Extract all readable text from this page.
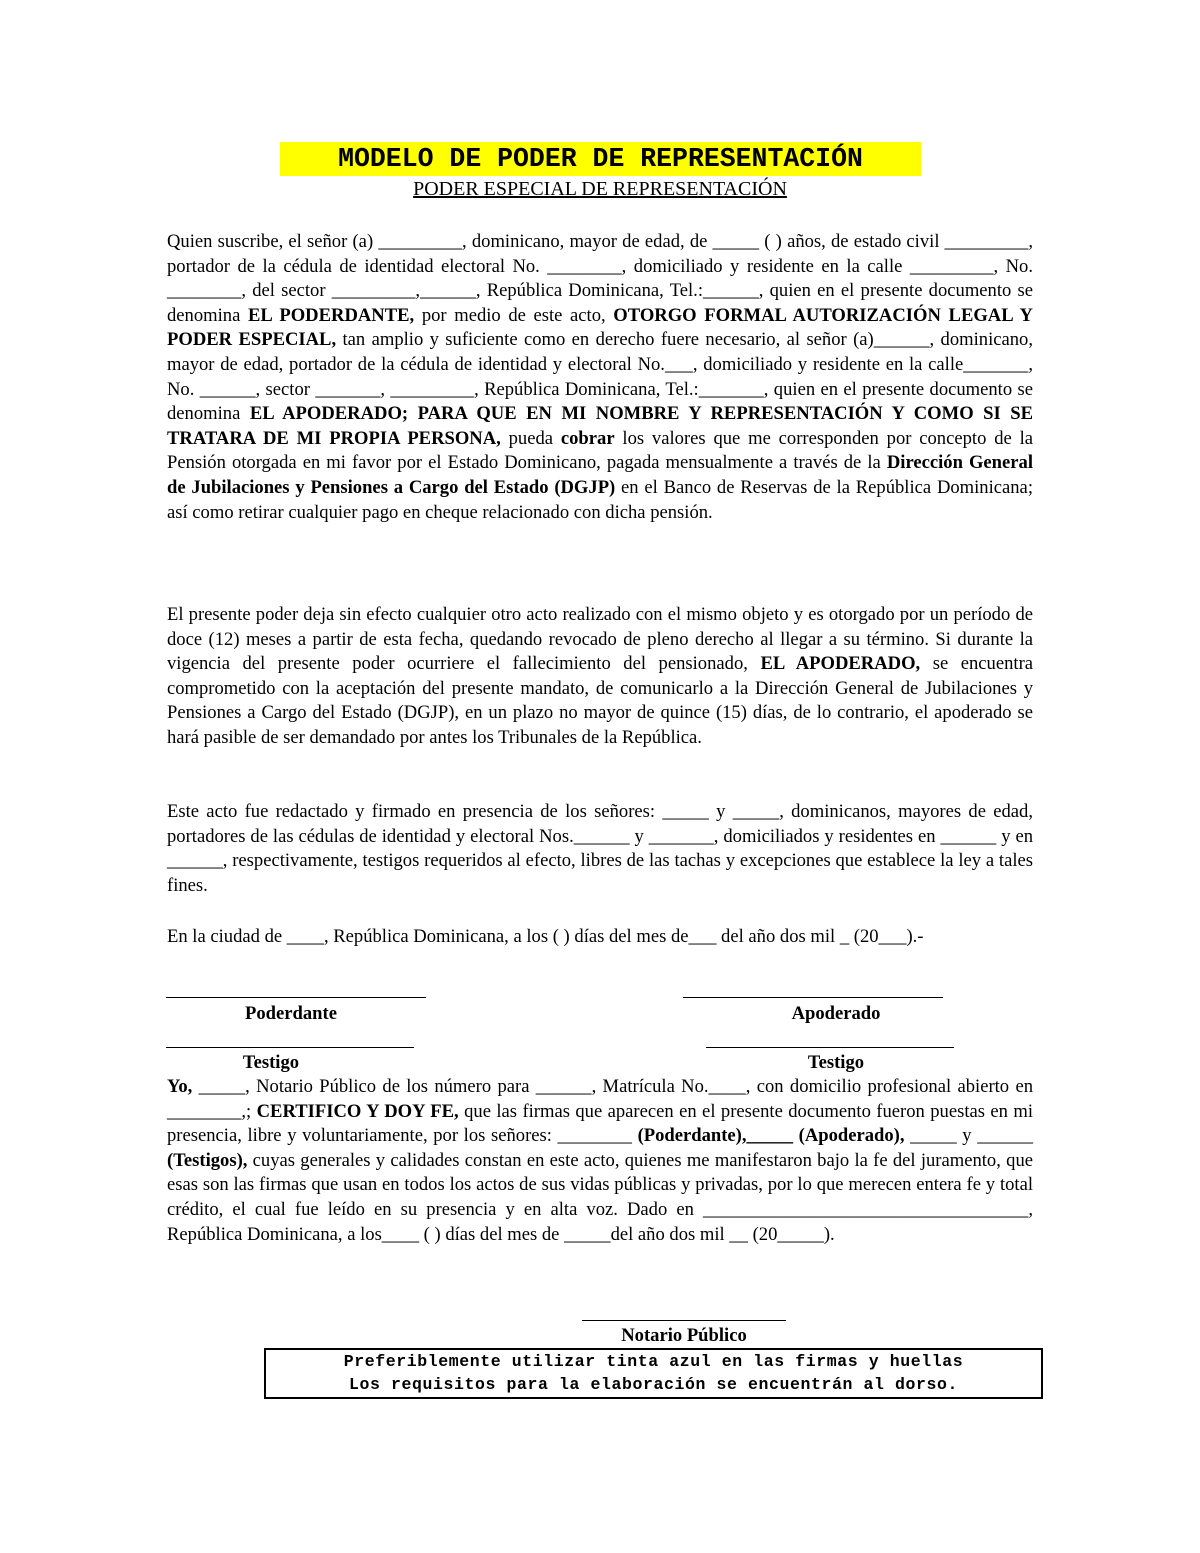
MODELO DE PODER DE REPRESENTACIÓN
PODER ESPECIAL DE REPRESENTACIÓN
Quien suscribe, el señor (a) _________, dominicano, mayor de edad, de _____ ( ) años, de estado civil _________, portador de la cédula de identidad electoral No. ________, domiciliado y residente en la calle _________, No. ________, del sector _________,______, República Dominicana, Tel.:______, quien en el presente documento se denomina EL PODERDANTE, por medio de este acto, OTORGO FORMAL AUTORIZACIÓN LEGAL Y PODER ESPECIAL, tan amplio y suficiente como en derecho fuere necesario, al señor (a)______, dominicano, mayor de edad, portador de la cédula de identidad y electoral No.___, domiciliado y residente en la calle_______, No. ______, sector _______, _________, República Dominicana, Tel.:_______, quien en el presente documento se denomina EL APODERADO; PARA QUE EN MI NOMBRE Y REPRESENTACIÓN Y COMO SI SE TRATARA DE MI PROPIA PERSONA, pueda cobrar los valores que me corresponden por concepto de la Pensión otorgada en mi favor por el Estado Dominicano, pagada mensualmente a través de la Dirección General de Jubilaciones y Pensiones a Cargo del Estado (DGJP) en el Banco de Reservas de la República Dominicana; así como retirar cualquier pago en cheque relacionado con dicha pensión.
El presente poder deja sin efecto cualquier otro acto realizado con el mismo objeto y es otorgado por un período de doce (12) meses a partir de esta fecha, quedando revocado de pleno derecho al llegar a su término. Si durante la vigencia del presente poder ocurriere el fallecimiento del pensionado, EL APODERADO, se encuentra comprometido con la aceptación del presente mandato, de comunicarlo a la Dirección General de Jubilaciones y Pensiones a Cargo del Estado (DGJP), en un plazo no mayor de quince (15) días, de lo contrario, el apoderado se hará pasible de ser demandado por antes los Tribunales de la República.
Este acto fue redactado y firmado en presencia de los señores: _____ y _____, dominicanos, mayores de edad, portadores de las cédulas de identidad y electoral Nos.______ y _______, domiciliados y residentes en ______ y en ______, respectivamente, testigos requeridos al efecto, libres de las tachas y excepciones que establece la ley a tales fines.
En la ciudad de ____, República Dominicana, a los ( ) días del mes de___ del año dos mil _ (20___).-
Poderdante	Apoderado
Testigo	Testigo
Yo, _____, Notario Público de los número para ______, Matrícula No.____, con domicilio profesional abierto en ________,; CERTIFICO Y DOY FE, que las firmas que aparecen en el presente documento fueron puestas en mi presencia, libre y voluntariamente, por los señores: ________ (Poderdante),_____ (Apoderado), _____ y ______ (Testigos), cuyas generales y calidades constan en este acto, quienes me manifestaron bajo la fe del juramento, que esas son las firmas que usan en todos los actos de sus vidas públicas y privadas, por lo que merecen entera fe y total crédito, el cual fue leído en su presencia y en alta voz. Dado en ___________________________________, República Dominicana, a los____ ( ) días del mes de _____del año dos mil __ (20_____).
Notario Público
Preferiblemente utilizar tinta azul en las firmas y huellas
Los requisitos para la elaboración se encuentrán al dorso.
